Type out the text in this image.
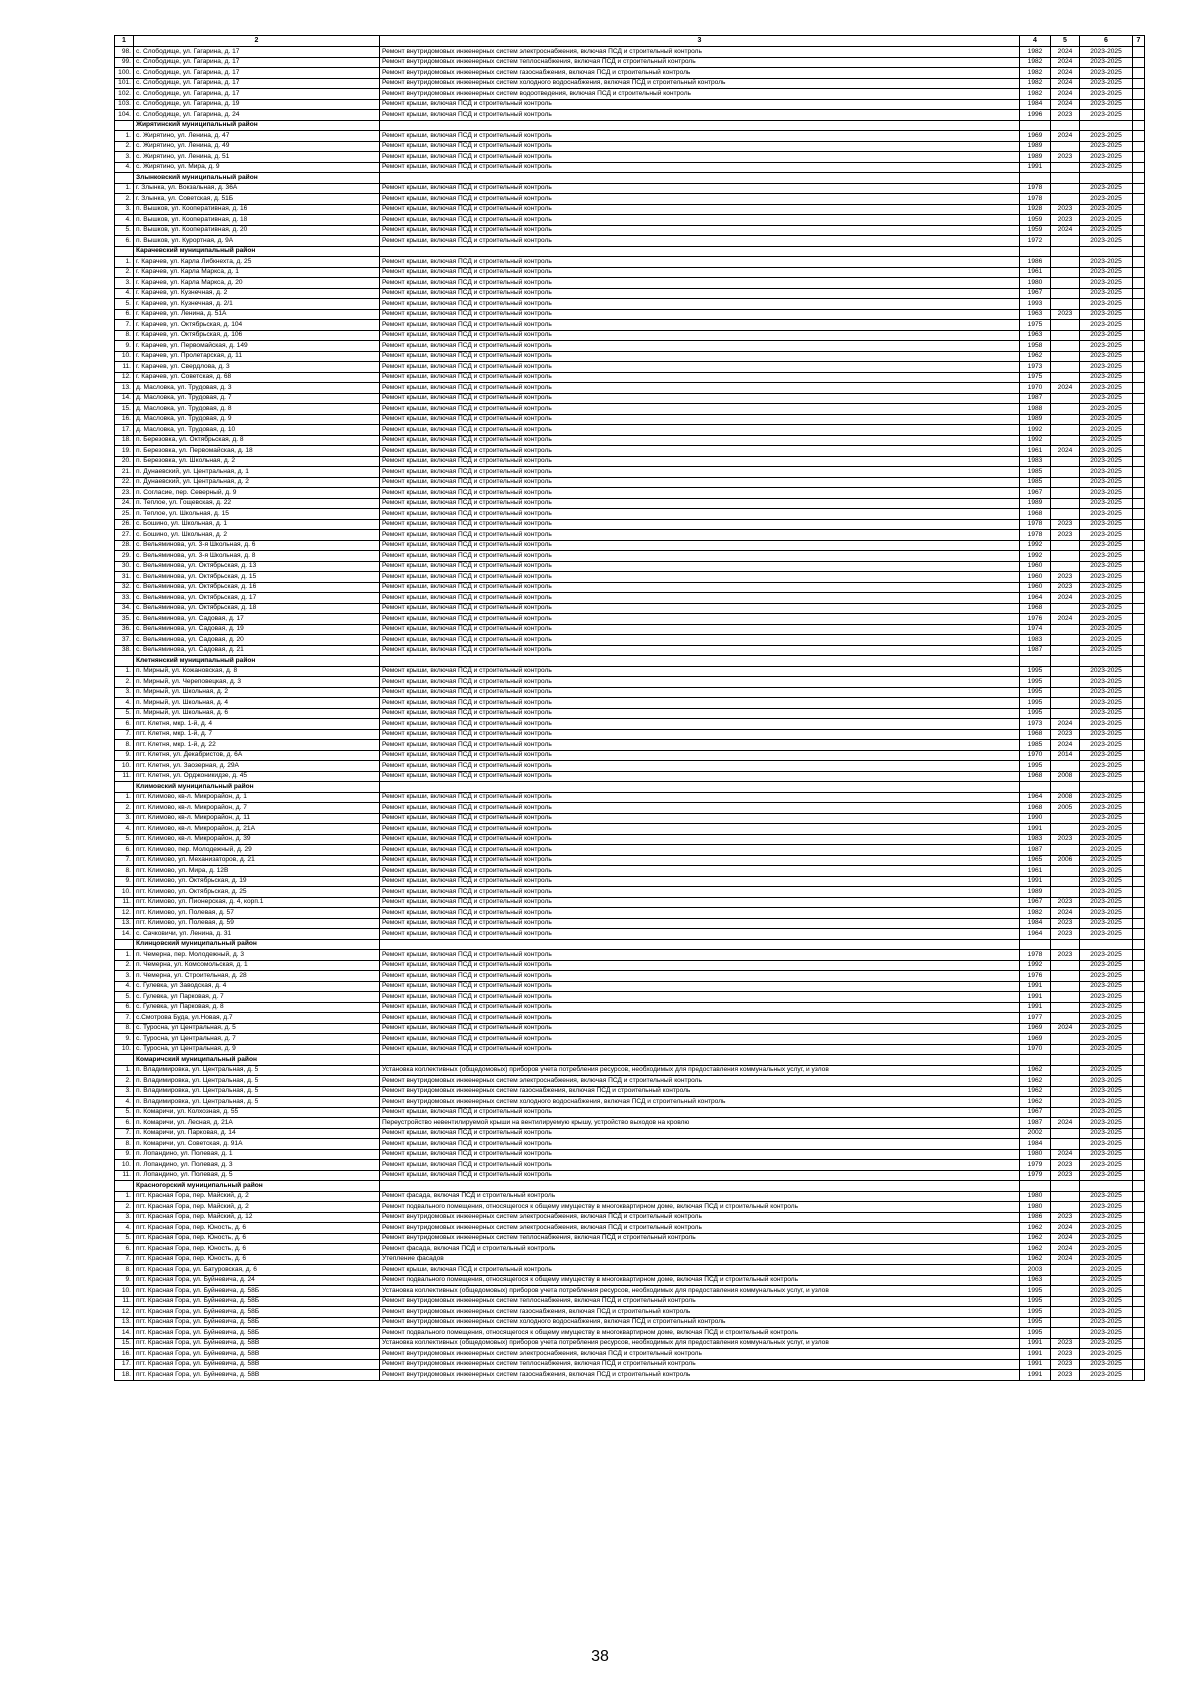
1	2	3	4	5	6	7
98.	с. Слободище, ул. Гагарина, д. 17	Ремонт внутридомовых инженерных систем электроснабжения, включая ПСД и строительный контроль	1982	2024	2023-2025	
99.	с. Слободище, ул. Гагарина, д. 17	Ремонт внутридомовых инженерных систем теплоснабжения, включая ПСД и строительный контроль	1982	2024	2023-2025	
100.	с. Слободище, ул. Гагарина, д. 17	Ремонт внутридомовых инженерных систем газоснабжения, включая ПСД и строительный контроль	1982	2024	2023-2025	
101.	с. Слободище, ул. Гагарина, д. 17	Ремонт внутридомовых инженерных систем холодного водоснабжения, включая ПСД и строительный контроль	1982	2024	2023-2025	
102.	с. Слободище, ул. Гагарина, д. 17	Ремонт внутридомовых инженерных систем водоотведения, включая ПСД и строительный контроль	1982	2024	2023-2025	
103.	с. Слободище, ул. Гагарина, д. 19	Ремонт крыши, включая ПСД и строительный контроль	1984	2024	2023-2025	
104.	с. Слободище, ул. Гагарина, д. 24	Ремонт крыши, включая ПСД и строительный контроль	1996	2023	2023-2025	
	Жирятинский муниципальный район					
1.	с. Жирятино, ул. Ленина, д. 47	Ремонт крыши, включая ПСД и строительный контроль	1969	2024	2023-2025	
2.	с. Жирятино, ул. Ленина, д. 49	Ремонт крыши, включая ПСД и строительный контроль	1989		2023-2025	
3.	с. Жирятино, ул. Ленина, д. 51	Ремонт крыши, включая ПСД и строительный контроль	1989	2023	2023-2025	
4.	с. Жирятино, ул. Мира, д. 9	Ремонт крыши, включая ПСД и строительный контроль	1991		2023-2025	
	Злынковский муниципальный район					
1.	г. Злынка, ул. Вокзальная, д. 36А	Ремонт крыши, включая ПСД и строительный контроль	1978		2023-2025	
2.	г. Злынка, ул. Советская, д. 51Б	Ремонт крыши, включая ПСД и строительный контроль	1978		2023-2025	
3.	п. Вышков, ул. Кооперативная, д. 16	Ремонт крыши, включая ПСД и строительный контроль	1928	2023	2023-2025	
4.	п. Вышков, ул. Кооперативная, д. 18	Ремонт крыши, включая ПСД и строительный контроль	1959	2023	2023-2025	
5.	п. Вышков, ул. Кооперативная, д. 20	Ремонт крыши, включая ПСД и строительный контроль	1959	2024	2023-2025	
6.	п. Вышков, ул. Курортная, д. 9А	Ремонт крыши, включая ПСД и строительный контроль	1972		2023-2025	
	Карачевский муниципальный район					
1.	г. Карачев, ул. Карла Либкнехта, д. 25	Ремонт крыши, включая ПСД и строительный контроль	1986		2023-2025	
2.	г. Карачев, ул. Карла Маркса, д. 1	Ремонт крыши, включая ПСД и строительный контроль	1961		2023-2025	
3.	г. Карачев, ул. Карла Маркса, д. 20	Ремонт крыши, включая ПСД и строительный контроль	1980		2023-2025	
4.	г. Карачев, ул. Кузнечная, д. 2	Ремонт крыши, включая ПСД и строительный контроль	1967		2023-2025	
5.	г. Карачев, ул. Кузнечная, д. 2/1	Ремонт крыши, включая ПСД и строительный контроль	1993		2023-2025	
6.	г. Карачев, ул. Ленина, д. 51А	Ремонт крыши, включая ПСД и строительный контроль	1963	2023	2023-2025	
7.	г. Карачев, ул. Октябрьская, д. 104	Ремонт крыши, включая ПСД и строительный контроль	1975		2023-2025	
8.	г. Карачев, ул. Октябрьская, д. 106	Ремонт крыши, включая ПСД и строительный контроль	1963		2023-2025	
9.	г. Карачев, ул. Первомайская, д. 149	Ремонт крыши, включая ПСД и строительный контроль	1958		2023-2025	
10.	г. Карачев, ул. Пролетарская, д. 11	Ремонт крыши, включая ПСД и строительный контроль	1962		2023-2025	
11.	г. Карачев, ул. Свердлова, д. 3	Ремонт крыши, включая ПСД и строительный контроль	1973		2023-2025	
12.	г. Карачев, ул. Советская, д. 68	Ремонт крыши, включая ПСД и строительный контроль	1975		2023-2025	
13.	д. Масловка, ул. Трудовая, д. 3	Ремонт крыши, включая ПСД и строительный контроль	1970	2024	2023-2025	
14.	д. Масловка, ул. Трудовая, д. 7	Ремонт крыши, включая ПСД и строительный контроль	1987		2023-2025	
15.	д. Масловка, ул. Трудовая, д. 8	Ремонт крыши, включая ПСД и строительный контроль	1988		2023-2025	
16.	д. Масловка, ул. Трудовая, д. 9	Ремонт крыши, включая ПСД и строительный контроль	1989		2023-2025	
17.	д. Масловка, ул. Трудовая, д. 10	Ремонт крыши, включая ПСД и строительный контроль	1992		2023-2025	
18.	п. Березовка, ул. Октябрьская, д. 8	Ремонт крыши, включая ПСД и строительный контроль	1992		2023-2025	
19.	п. Березовка, ул. Первомайская, д. 18	Ремонт крыши, включая ПСД и строительный контроль	1961	2024	2023-2025	
20.	п. Березовка, ул. Школьная, д. 2	Ремонт крыши, включая ПСД и строительный контроль	1983		2023-2025	
21.	п. Дунаевский, ул. Центральная, д. 1	Ремонт крыши, включая ПСД и строительный контроль	1985		2023-2025	
22.	п. Дунаевский, ул. Центральная, д. 2	Ремонт крыши, включая ПСД и строительный контроль	1985		2023-2025	
23.	п. Согласие, пер. Северный, д. 9	Ремонт крыши, включая ПСД и строительный контроль	1967		2023-2025	
24.	п. Теплое, ул. Гощевская, д. 22	Ремонт крыши, включая ПСД и строительный контроль	1989		2023-2025	
25.	п. Теплое, ул. Школьная, д. 15	Ремонт крыши, включая ПСД и строительный контроль	1968		2023-2025	
26.	с. Бошино, ул. Школьная, д. 1	Ремонт крыши, включая ПСД и строительный контроль	1978	2023	2023-2025	
27.	с. Бошино, ул. Школьная, д. 2	Ремонт крыши, включая ПСД и строительный контроль	1978	2023	2023-2025	
28.	с. Вельяминова, ул. 3-я Школьная, д. 6	Ремонт крыши, включая ПСД и строительный контроль	1992		2023-2025	
29.	с. Вельяминова, ул. 3-я Школьная, д. 8	Ремонт крыши, включая ПСД и строительный контроль	1992		2023-2025	
30.	с. Вельяминова, ул. Октябрьская, д. 13	Ремонт крыши, включая ПСД и строительный контроль	1960		2023-2025	
31.	с. Вельяминова, ул. Октябрьская, д. 15	Ремонт крыши, включая ПСД и строительный контроль	1960	2023	2023-2025	
32.	с. Вельяминова, ул. Октябрьская, д. 16	Ремонт крыши, включая ПСД и строительный контроль	1960	2023	2023-2025	
33.	с. Вельяминова, ул. Октябрьская, д. 17	Ремонт крыши, включая ПСД и строительный контроль	1964	2024	2023-2025	
34.	с. Вельяминова, ул. Октябрьская, д. 18	Ремонт крыши, включая ПСД и строительный контроль	1968		2023-2025	
35.	с. Вельяминова, ул. Садовая, д. 17	Ремонт крыши, включая ПСД и строительный контроль	1976	2024	2023-2025	
36.	с. Вельяминова, ул. Садовая, д. 19	Ремонт крыши, включая ПСД и строительный контроль	1974		2023-2025	
37.	с. Вельяминова, ул. Садовая, д. 20	Ремонт крыши, включая ПСД и строительный контроль	1983		2023-2025	
38.	с. Вельяминова, ул. Садовая, д. 21	Ремонт крыши, включая ПСД и строительный контроль	1987		2023-2025	
	Клетнянский муниципальный район					
1.	п. Мирный, ул. Кожановская, д. 8	Ремонт крыши, включая ПСД и строительный контроль	1995		2023-2025	
2.	п. Мирный, ул. Череповецкая, д. 3	Ремонт крыши, включая ПСД и строительный контроль	1995		2023-2025	
3.	п. Мирный, ул. Школьная, д. 2	Ремонт крыши, включая ПСД и строительный контроль	1995		2023-2025	
4.	п. Мирный, ул. Школьная, д. 4	Ремонт крыши, включая ПСД и строительный контроль	1995		2023-2025	
5.	п. Мирный, ул. Школьная, д. 6	Ремонт крыши, включая ПСД и строительный контроль	1995		2023-2025	
6.	пгт. Клетня, мкр. 1-й, д. 4	Ремонт крыши, включая ПСД и строительный контроль	1973	2024	2023-2025	
7.	пгт. Клетня, мкр. 1-й, д. 7	Ремонт крыши, включая ПСД и строительный контроль	1968	2023	2023-2025	
8.	пгт. Клетня, мкр. 1-й, д. 22	Ремонт крыши, включая ПСД и строительный контроль	1985	2024	2023-2025	
9.	пгт. Клетня, ул. Декабристов, д. 6А	Ремонт крыши, включая ПСД и строительный контроль	1970	2014	2023-2025	
10.	пгт. Клетня, ул. Заозерная, д. 29А	Ремонт крыши, включая ПСД и строительный контроль	1995		2023-2025	
11.	пгт. Клетня, ул. Орджоникидзе, д. 45	Ремонт крыши, включая ПСД и строительный контроль	1968	2008	2023-2025	
	Климовский муниципальный район					
1.	пгт. Климово, кв-л. Микрорайон, д. 1	Ремонт крыши, включая ПСД и строительный контроль	1964	2008	2023-2025	
2.	пгт. Климово, кв-л. Микрорайон, д. 7	Ремонт крыши, включая ПСД и строительный контроль	1968	2005	2023-2025	
3.	пгт. Климово, кв-л. Микрорайон, д. 11	Ремонт крыши, включая ПСД и строительный контроль	1990		2023-2025	
4.	пгт. Климово, кв-л. Микрорайон, д. 21А	Ремонт крыши, включая ПСД и строительный контроль	1991		2023-2025	
5.	пгт. Климово, кв-л. Микрорайон, д. 39	Ремонт крыши, включая ПСД и строительный контроль	1983	2023	2023-2025	
6.	пгт. Климово, пер. Молодежный, д. 29	Ремонт крыши, включая ПСД и строительный контроль	1987		2023-2025	
7.	пгт. Климово, ул. Механизаторов, д. 21	Ремонт крыши, включая ПСД и строительный контроль	1965	2006	2023-2025	
8.	пгт. Климово, ул. Мира, д. 12В	Ремонт крыши, включая ПСД и строительный контроль	1961		2023-2025	
9.	пгт. Климово, ул. Октябрьская, д. 19	Ремонт крыши, включая ПСД и строительный контроль	1991		2023-2025	
10.	пгт. Климово, ул. Октябрьская, д. 25	Ремонт крыши, включая ПСД и строительный контроль	1989		2023-2025	
11.	пгт. Климово, ул. Пионерская, д. 4, корп.1	Ремонт крыши, включая ПСД и строительный контроль	1967	2023	2023-2025	
12.	пгт. Климово, ул. Полевая, д. 57	Ремонт крыши, включая ПСД и строительный контроль	1982	2024	2023-2025	
13.	пгт. Климово, ул. Полевая, д. 59	Ремонт крыши, включая ПСД и строительный контроль	1984	2023	2023-2025	
14.	с. Сачковичи, ул. Ленина, д. 31	Ремонт крыши, включая ПСД и строительный контроль	1964	2023	2023-2025	
	Клинцовский муниципальный район					
1.	п. Чемерна, пер. Молодежный, д. 3	Ремонт крыши, включая ПСД и строительный контроль	1978	2023	2023-2025	
2.	п. Чемерна, ул. Комсомольская, д. 1	Ремонт крыши, включая ПСД и строительный контроль	1992		2023-2025	
3.	п. Чемерна, ул. Строительная, д. 28	Ремонт крыши, включая ПСД и строительный контроль	1976		2023-2025	
4.	с. Гулевка, ул Заводская, д. 4	Ремонт крыши, включая ПСД и строительный контроль	1991		2023-2025	
5.	с. Гулевка, ул Парковая, д. 7	Ремонт крыши, включая ПСД и строительный контроль	1991		2023-2025	
6.	с. Гулевка, ул Парковая, д. 8	Ремонт крыши, включая ПСД и строительный контроль	1991		2023-2025	
7.	с.Смотрова Буда, ул.Новая, д.7	Ремонт крыши, включая ПСД и строительный контроль	1977		2023-2025	
8.	с. Туросна, ул Центральная, д. 5	Ремонт крыши, включая ПСД и строительный контроль	1969	2024	2023-2025	
9.	с. Туросна, ул Центральная, д. 7	Ремонт крыши, включая ПСД и строительный контроль	1969		2023-2025	
10.	с. Туросна, ул Центральная, д. 9	Ремонт крыши, включая ПСД и строительный контроль	1970		2023-2025	
	Комаричский муниципальный район					
1.	п. Владимировка, ул. Центральная, д. 5	Установка коллективных (общедомовых) приборов учета потребления ресурсов, необходимых для предоставления коммунальных услуг, и узлов	1962		2023-2025	
2.	п. Владимировка, ул. Центральная, д. 5	Ремонт внутридомовых инженерных систем электроснабжения, включая ПСД и строительный контроль	1962		2023-2025	
3.	п. Владимировка, ул. Центральная, д. 5	Ремонт внутридомовых инженерных систем газоснабжения, включая ПСД и строительный контроль	1962		2023-2025	
4.	п. Владимировка, ул. Центральная, д. 5	Ремонт внутридомовых инженерных систем холодного водоснабжения, включая ПСД и строительный контроль	1962		2023-2025	
5.	п. Комаричи, ул. Колхозная, д. 55	Ремонт крыши, включая ПСД и строительный контроль	1967		2023-2025	
6.	п. Комаричи, ул. Лесная, д. 21А	Переустройство невентилируемой крыши на вентилируемую крышу, устройство выходов на кровлю	1987	2024	2023-2025	
7.	п. Комаричи, ул. Парковая, д. 14	Ремонт крыши, включая ПСД и строительный контроль	2002		2023-2025	
8.	п. Комаричи, ул. Советская, д. 91А	Ремонт крыши, включая ПСД и строительный контроль	1984		2023-2025	
9.	п. Лопандино, ул. Полевая, д. 1	Ремонт крыши, включая ПСД и строительный контроль	1980	2024	2023-2025	
10.	п. Лопандино, ул. Полевая, д. 3	Ремонт крыши, включая ПСД и строительный контроль	1979	2023	2023-2025	
11.	п. Лопандино, ул. Полевая, д. 5	Ремонт крыши, включая ПСД и строительный контроль	1979	2023	2023-2025	
	Красногорский муниципальный район					
1.	пгт. Красная Гора, пер. Майский, д. 2	Ремонт фасада, включая ПСД и строительный контроль	1980		2023-2025	
2.	пгт. Красная Гора, пер. Майский, д. 2	Ремонт подвального помещения, относящегося к общему имуществу в многоквартирном доме, включая ПСД и строительный контроль	1980		2023-2025	
3.	пгт. Красная Гора, пер. Майский, д. 12	Ремонт внутридомовых инженерных систем электроснабжения, включая ПСД и строительный контроль	1986	2023	2023-2025	
4.	пгт. Красная Гора, пер. Юность, д. 6	Ремонт внутридомовых инженерных систем электроснабжения, включая ПСД и строительный контроль	1962	2024	2023-2025	
5.	пгт. Красная Гора, пер. Юность, д. 6	Ремонт внутридомовых инженерных систем теплоснабжения, включая ПСД и строительный контроль	1962	2024	2023-2025	
6.	пгт. Красная Гора, пер. Юность, д. 6	Ремонт фасада, включая ПСД и строительный контроль	1962	2024	2023-2025	
7.	пгт. Красная Гора, пер. Юность, д. 6	Утепление фасадов	1962	2024	2023-2025	
8.	пгт. Красная Гора, ул. Батуровская, д. 6	Ремонт крыши, включая ПСД и строительный контроль	2003		2023-2025	
9.	пгт. Красная Гора, ул. Буйневича, д. 24	Ремонт подвального помещения, относящегося к общему имуществу в многоквартирном доме, включая ПСД и строительный контроль	1963		2023-2025	
10.	пгт. Красная Гора, ул. Буйневича, д. 58Б	Установка коллективных (общедомовых) приборов учета потребления ресурсов, необходимых для предоставления коммунальных услуг, и узлов	1995		2023-2025	
11.	пгт. Красная Гора, ул. Буйневича, д. 58Б	Ремонт внутридомовых инженерных систем теплоснабжения, включая ПСД и строительный контроль	1995		2023-2025	
12.	пгт. Красная Гора, ул. Буйневича, д. 58Б	Ремонт внутридомовых инженерных систем газоснабжения, включая ПСД и строительный контроль	1995		2023-2025	
13.	пгт. Красная Гора, ул. Буйневича, д. 58Б	Ремонт внутридомовых инженерных систем холодного водоснабжения, включая ПСД и строительный контроль	1995		2023-2025	
14.	пгт. Красная Гора, ул. Буйневича, д. 58Б	Ремонт подвального помещения, относящегося к общему имуществу в многоквартирном доме, включая ПСД и строительный контроль	1995		2023-2025	
15.	пгт. Красная Гора, ул. Буйневича, д. 58В	Установка коллективных (общедомовых) приборов учета потребления ресурсов, необходимых для предоставления коммунальных услуг, и узлов	1991	2023	2023-2025	
16.	пгт. Красная Гора, ул. Буйневича, д. 58В	Ремонт внутридомовых инженерных систем электроснабжения, включая ПСД и строительный контроль	1991	2023	2023-2025	
17.	пгт. Красная Гора, ул. Буйневича, д. 58В	Ремонт внутридомовых инженерных систем теплоснабжения, включая ПСД и строительный контроль	1991	2023	2023-2025	
18.	пгт. Красная Гора, ул. Буйневича, д. 58В	Ремонт внутридомовых инженерных систем газоснабжения, включая ПСД и строительный контроль	1991	2023	2023-2025	
38
